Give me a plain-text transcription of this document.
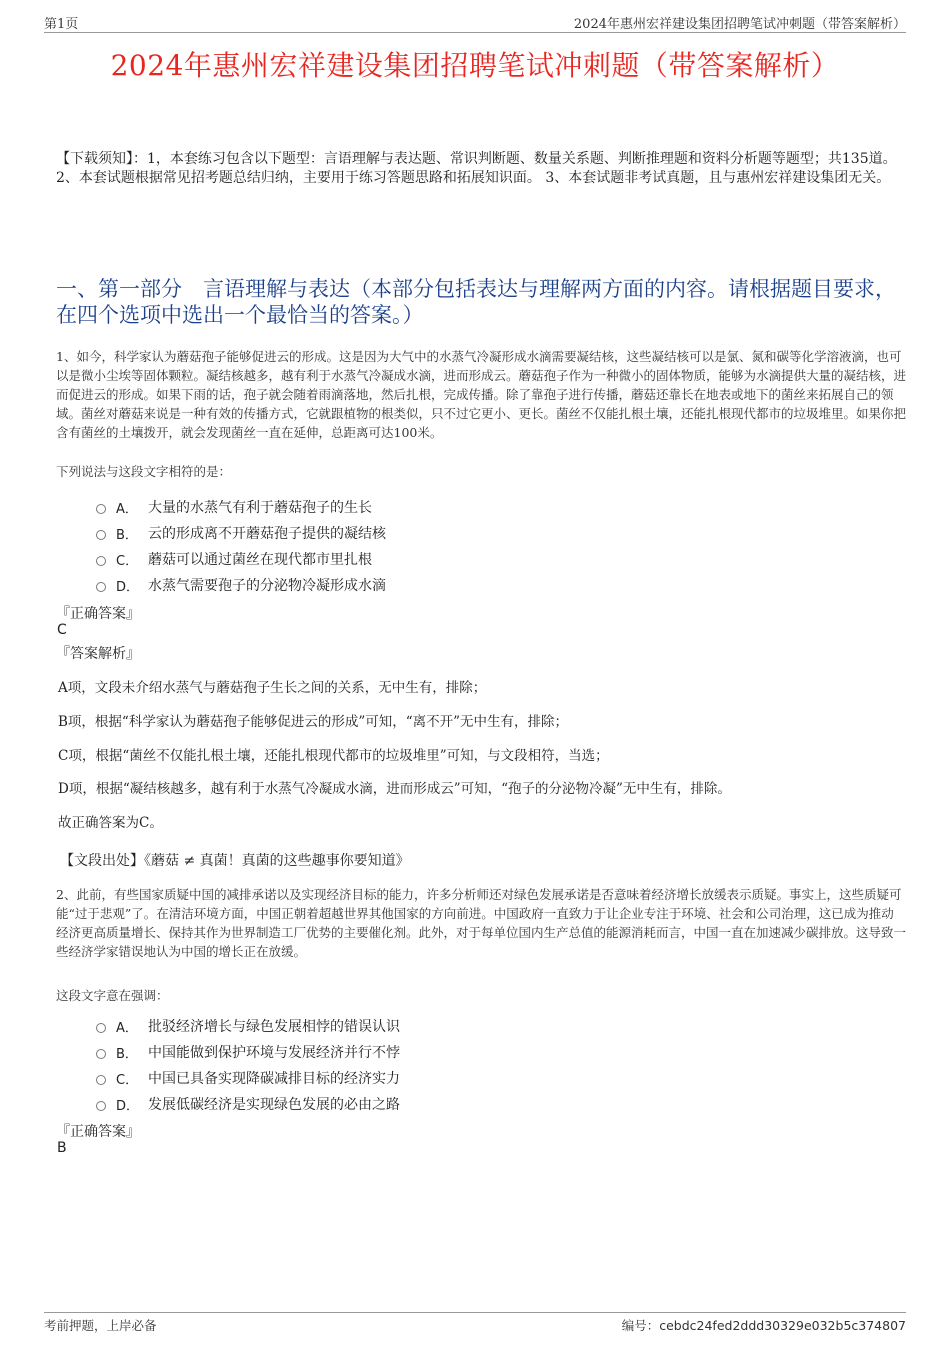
第1页	2024年惠州宏祥建设集团招聘笔试冲刺题（带答案解析）
2024年惠州宏祥建设集团招聘笔试冲刺题（带答案解析）
【下载须知】：1，本套练习包含以下题型：言语理解与表达题、常识判断题、数量关系题、判断推理题和资料分析题等题型；共135道。 2、本套试题根据常见招考题总结归纳，主要用于练习答题思路和拓展知识面。 3、本套试题非考试真题，且与惠州宏祥建设集团无关。
一、第一部分　言语理解与表达（本部分包括表达与理解两方面的内容。请根据题目要求，在四个选项中选出一个最恰当的答案。）
1、如今，科学家认为蘑菇孢子能够促进云的形成。这是因为大气中的水蒸气冷凝形成水滴需要凝结核，这些凝结核可以是氯、氮和碳等化学溶液滴，也可以是微小尘埃等固体颗粒。凝结核越多，越有利于水蒸气冷凝成水滴，进而形成云。蘑菇孢子作为一种微小的固体物质，能够为水滴提供大量的凝结核，进而促进云的形成。如果下雨的话，孢子就会随着雨滴落地，然后扎根，完成传播。除了靠孢子进行传播，蘑菇还靠长在地表或地下的菌丝来拓展自己的领域。菌丝对蘑菇来说是一种有效的传播方式，它就跟植物的根类似，只不过它更小、更长。菌丝不仅能扎根土壤，还能扎根现代都市的垃圾堆里。如果你把含有菌丝的土壤拨开，就会发现菌丝一直在延伸，总距离可达100米。
下列说法与这段文字相符的是：
A． 大量的水蒸气有利于蘑菇孢子的生长
B． 云的形成离不开蘑菇孢子提供的凝结核
C． 蘑菇可以通过菌丝在现代都市里扎根
D． 水蒸气需要孢子的分泌物冷凝形成水滴
『正确答案』
C
『答案解析』
A项，文段未介绍水蒸气与蘑菇孢子生长之间的关系，无中生有，排除；
B项，根据“科学家认为蘑菇孢子能够促进云的形成”可知，“离不开”无中生有，排除；
C项，根据“菌丝不仅能扎根土壤，还能扎根现代都市的垃圾堆里”可知，与文段相符，当选；
D项，根据“凝结核越多，越有利于水蒸气冷凝成水滴，进而形成云”可知，“孢子的分泌物冷凝”无中生有，排除。
故正确答案为C。
【文段出处】《蘑菇 ≠ 真菌！真菌的这些趣事你要知道》
2、此前，有些国家质疑中国的减排承诺以及实现经济目标的能力，许多分析师还对绿色发展承诺是否意味着经济增长放缓表示质疑。事实上，这些质疑可能“过于悲观”了。在清洁环境方面，中国正朝着超越世界其他国家的方向前进。中国政府一直致力于让企业专注于环境、社会和公司治理，这已成为推动经济更高质量增长、保持其作为世界制造工厂优势的主要催化剂。此外，对于每单位国内生产总值的能源消耗而言，中国一直在加速减少碳排放。这导致一些经济学家错误地认为中国的增长正在放缓。
这段文字意在强调：
A． 批驳经济增长与绿色发展相悖的错误认识
B． 中国能做到保护环境与发展经济并行不悖
C． 中国已具备实现降碳减排目标的经济实力
D． 发展低碳经济是实现绿色发展的必由之路
『正确答案』
B
考前押题，上岸必备	编号：cebdc24fed2ddd30329e032b5c374807
